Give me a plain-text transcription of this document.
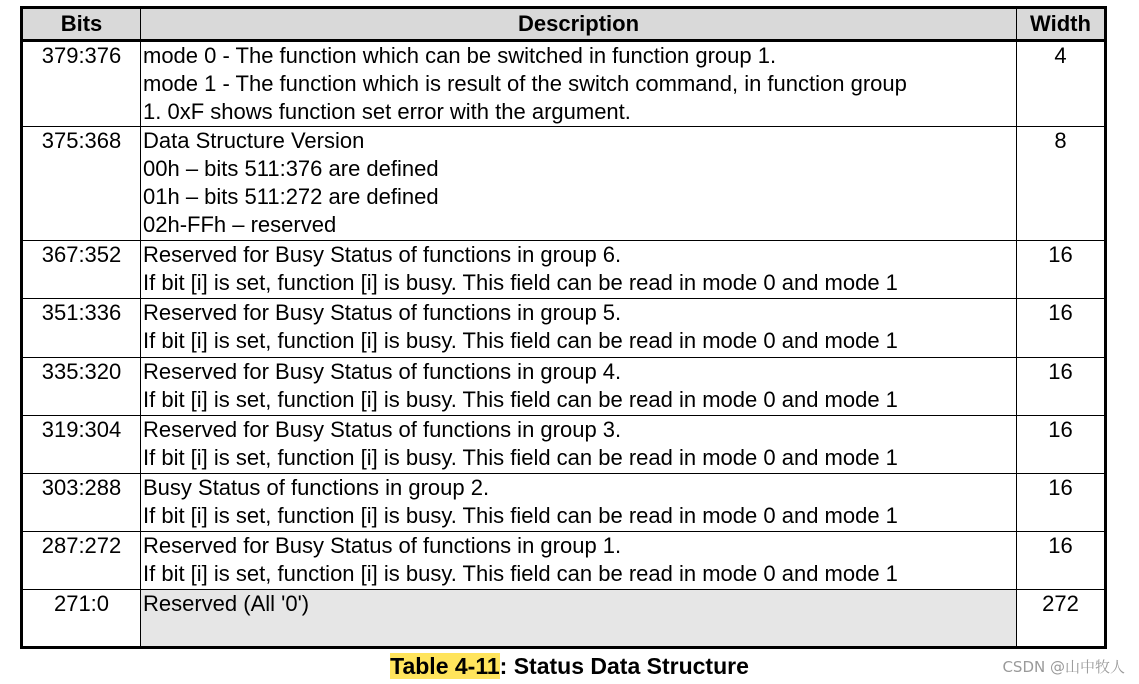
Bits	Description	Width
379:376	mode 0 - The function which can be switched in function group 1.
mode 1 - The function which is result of the switch command, in function group
1. 0xF shows function set error with the argument.	4
375:368	Data Structure Version
00h – bits 511:376 are defined
01h – bits 511:272 are defined
02h-FFh – reserved	8
367:352	Reserved for Busy Status of functions in group 6.
If bit [i] is set, function [i] is busy. This field can be read in mode 0 and mode 1	16
351:336	Reserved for Busy Status of functions in group 5.
If bit [i] is set, function [i] is busy. This field can be read in mode 0 and mode 1	16
335:320	Reserved for Busy Status of functions in group 4.
If bit [i] is set, function [i] is busy. This field can be read in mode 0 and mode 1	16
319:304	Reserved for Busy Status of functions in group 3.
If bit [i] is set, function [i] is busy. This field can be read in mode 0 and mode 1	16
303:288	Busy Status of functions in group 2.
If bit [i] is set, function [i] is busy. This field can be read in mode 0 and mode 1	16
287:272	Reserved for Busy Status of functions in group 1.
If bit [i] is set, function [i] is busy. This field can be read in mode 0 and mode 1	16
271:0	Reserved (All '0')	272
Table 4-11: Status Data Structure	CSDN @山中牧人
